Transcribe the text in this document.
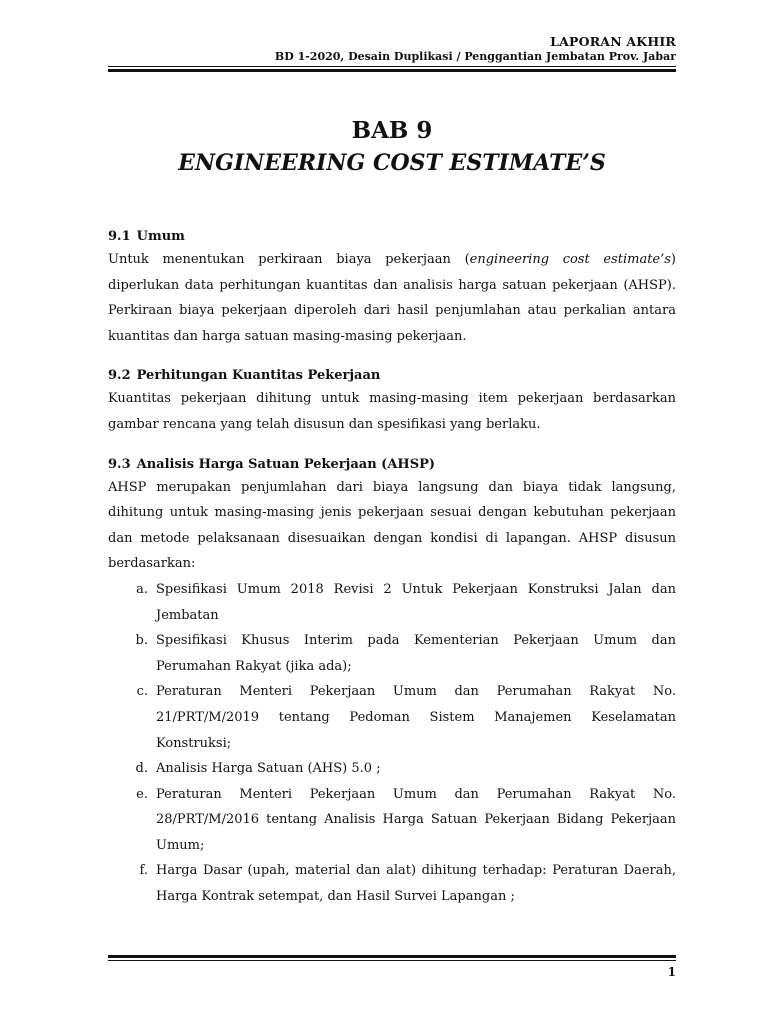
LAPORAN AKHIR
BD 1-2020, Desain Duplikasi / Penggantian Jembatan Prov. Jabar
BAB 9
ENGINEERING COST ESTIMATE’S
9.1 Umum

Untuk menentukan perkiraan biaya pekerjaan (engineering cost estimate’s) diperlukan data perhitungan kuantitas dan analisis harga satuan pekerjaan (AHSP). Perkiraan biaya pekerjaan diperoleh dari hasil penjumlahan atau perkalian antara kuantitas dan harga satuan masing-masing pekerjaan.

9.2 Perhitungan Kuantitas Pekerjaan

Kuantitas pekerjaan dihitung untuk masing-masing item pekerjaan berdasarkan gambar rencana yang telah disusun dan spesifikasi yang berlaku.

9.3 Analisis Harga Satuan Pekerjaan (AHSP)

AHSP merupakan penjumlahan dari biaya langsung dan biaya tidak langsung, dihitung untuk masing-masing jenis pekerjaan sesuai dengan kebutuhan pekerjaan dan metode pelaksanaan disesuaikan dengan kondisi di lapangan. AHSP disusun berdasarkan:

a. Spesifikasi Umum 2018 Revisi 2 Untuk Pekerjaan Konstruksi Jalan dan Jembatan
b. Spesifikasi Khusus Interim pada Kementerian Pekerjaan Umum dan Perumahan Rakyat (jika ada);
c. Peraturan Menteri Pekerjaan Umum dan Perumahan Rakyat No. 21/PRT/M/2019 tentang Pedoman Sistem Manajemen Keselamatan Konstruksi;
d. Analisis Harga Satuan (AHS) 5.0 ;
e. Peraturan Menteri Pekerjaan Umum dan Perumahan Rakyat No. 28/PRT/M/2016 tentang Analisis Harga Satuan Pekerjaan Bidang Pekerjaan Umum;
f. Harga Dasar (upah, material dan alat) dihitung terhadap: Peraturan Daerah, Harga Kontrak setempat, dan Hasil Survei Lapangan ;
1
